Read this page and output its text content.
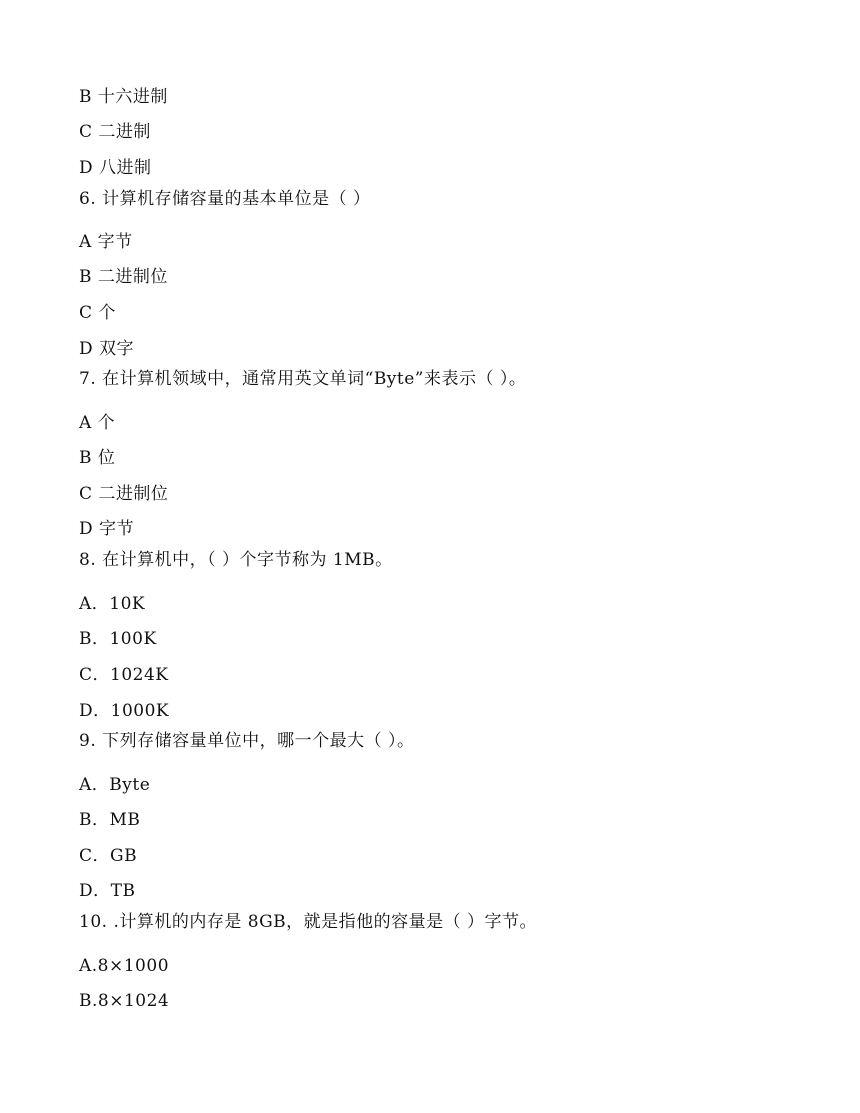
B 十六进制
C 二进制
D 八进制
6. 计算机存储容量的基本单位是（ ）
A 字节
B 二进制位
C 个
D 双字
7. 在计算机领域中，通常用英文单词“Byte”来表示（ ）。
A 个
B 位
C 二进制位
D 字节
8. 在计算机中，（ ）个字节称为 1MB。
A．10K
B．100K
C．1024K
D．1000K
9. 下列存储容量单位中，哪一个最大（ ）。
A．Byte
B．MB
C．GB
D．TB
10. .计算机的内存是 8GB，就是指他的容量是（ ）字节。
A.8×1000
B.8×1024
